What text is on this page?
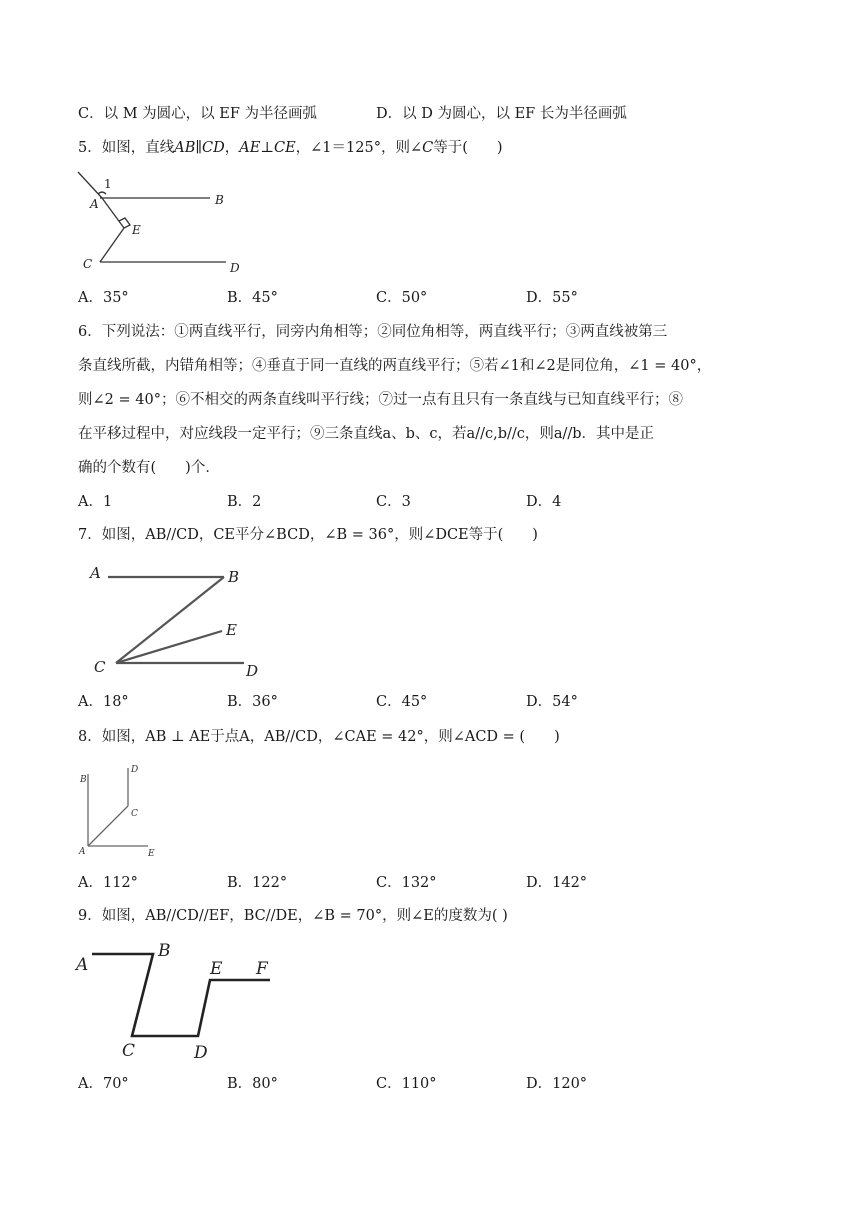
C．以 M 为圆心，以 EF 为半径画弧	D．以 D 为圆心，以 EF 长为半径画弧
5．如图，直线AB∥CD，AE⊥CE，∠1＝125°，则∠C等于(　　)
1
A	B
E
C	D
A．35°	B．45°	C．50°	D．55°
6．下列说法：①两直线平行，同旁内角相等；②同位角相等，两直线平行；③两直线被第三
条直线所截，内错角相等；④垂直于同一直线的两直线平行；⑤若∠1和∠2是同位角，∠1 = 40°，
则∠2 = 40°；⑥不相交的两条直线叫平行线；⑦过一点有且只有一条直线与已知直线平行；⑧
在平移过程中，对应线段一定平行；⑨三条直线a、b、c，若a//c,b//c，则a//b．其中是正
确的个数有(　　)个．
A．1	B．2	C．3	D．4
7．如图，AB//CD，CE平分∠BCD，∠B = 36°，则∠DCE等于(　　)
A	B
E
C	D
A．18°	B．36°	C．45°	D．54°
8．如图，AB ⊥ AE于点A，AB//CD，∠CAE = 42°，则∠ACD = (　　)
B
D
C
A	E
A．112°	B．122°	C．132°	D．142°
9．如图，AB//CD//EF，BC//DE，∠B = 70°，则∠E的度数为( )
A
B
E F
C	D
A．70°	B．80°	C．110°	D．120°
